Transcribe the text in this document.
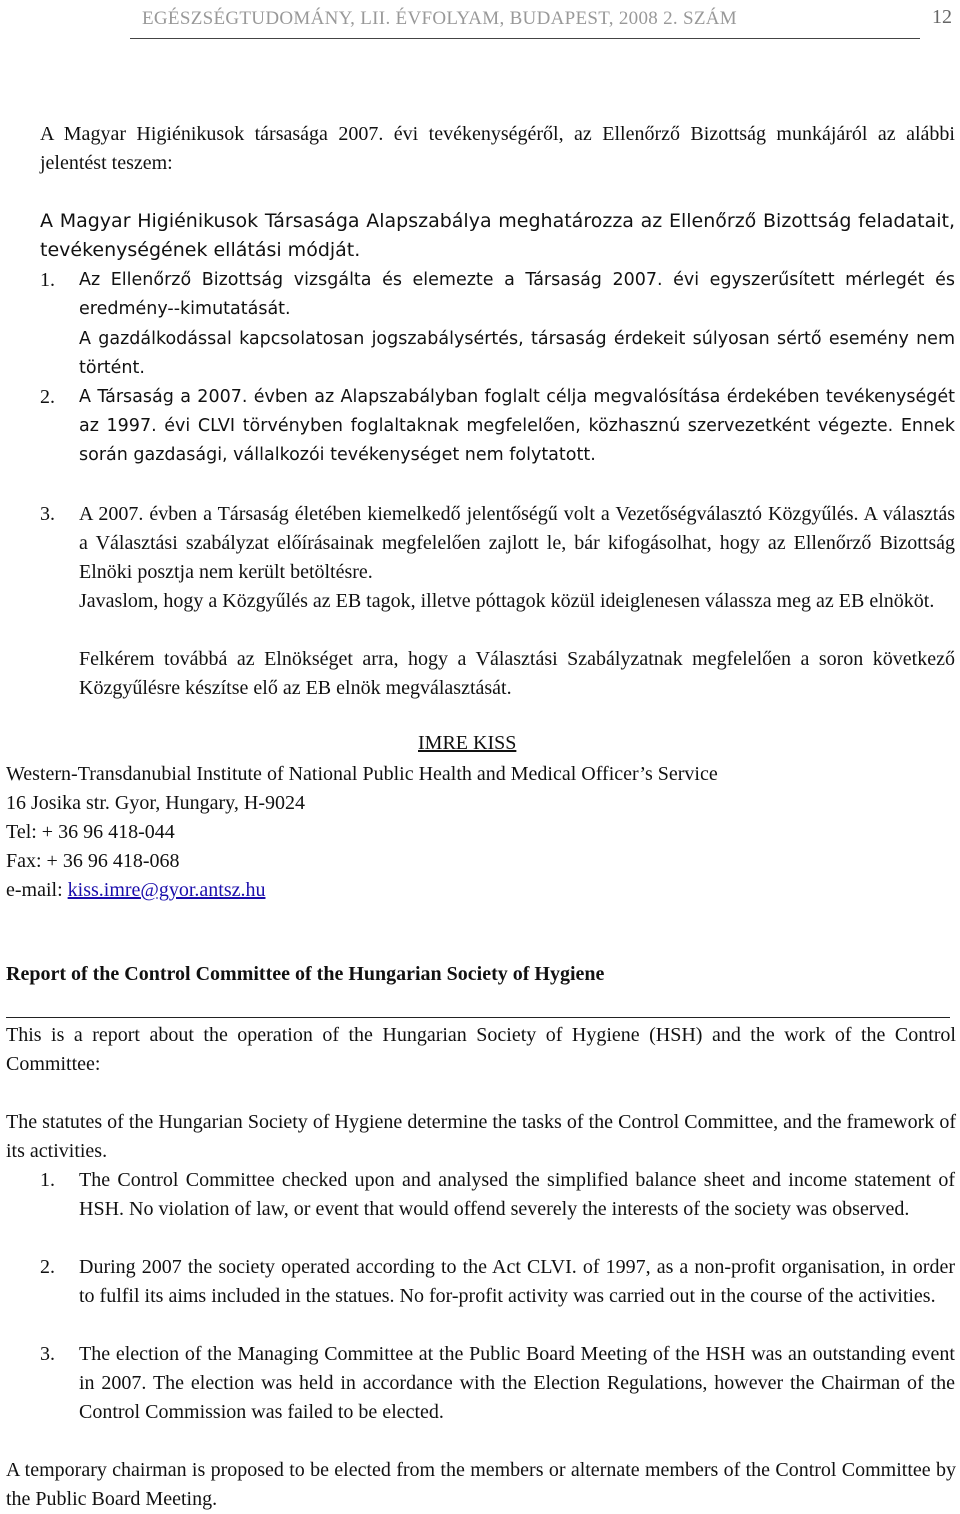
EGÉSZSÉGTUDOMÁNY, LII. ÉVFOLYAM, BUDAPEST, 2008 2. SZÁM	12

A Magyar Higiénikusok társasága 2007. évi tevékenységéről, az Ellenőrző Bizottság munkájáról az alábbi jelentést teszem:

A Magyar Higiénikusok Társasága Alapszabálya meghatározza az Ellenőrző Bizottság feladatait, tevékenységének ellátási módját.

1. Az Ellenőrző Bizottság vizsgálta és elemezte a Társaság 2007. évi egyszerűsített mérlegét és eredmény--kimutatását.

A gazdálkodással kapcsolatosan jogszabálysértés, társaság érdekeit súlyosan sértő esemény nem történt.

2. A Társaság a 2007. évben az Alapszabályban foglalt célja megvalósítása érdekében tevékenységét az 1997. évi CLVI törvényben foglaltaknak megfelelően, közhasznú szervezetként végezte. Ennek során gazdasági, vállalkozói tevékenységet nem folytatott.

3. A 2007. évben a Társaság életében kiemelkedő jelentőségű volt a Vezetőségválasztó Közgyűlés. A választás a Választási szabályzat előírásainak megfelelően zajlott le, bár kifogásolhat, hogy az Ellenőrző Bizottság Elnöki posztja nem került betöltésre.

Javaslom, hogy a Közgyűlés az EB tagok, illetve póttagok közül ideiglenesen válassza meg az EB elnököt.

Felkérem továbbá az Elnökséget arra, hogy a Választási Szabályzatnak megfelelően a soron következő Közgyűlésre készítse elő az EB elnök megválasztását.

IMRE KISS
Western-Transdanubial Institute of National Public Health and Medical Officer’s Service
16 Josika str. Gyor, Hungary, H-9024
Tel: + 36 96 418-044
Fax: + 36 96 418-068
e-mail: kiss.imre@gyor.antsz.hu
Report of the Control Committee of the Hungarian Society of Hygiene

This is a report about the operation of the Hungarian Society of Hygiene (HSH) and the work of the Control Committee:

The statutes of the Hungarian Society of Hygiene determine the tasks of the Control Committee, and the framework of its activities.

1. The Control Committee checked upon and analysed the simplified balance sheet and income statement of HSH. No violation of law, or event that would offend severely the interests of the society was observed.

2. During 2007 the society operated according to the Act CLVI. of 1997, as a non-profit organisation, in order to fulfil its aims included in the statues. No for-profit activity was carried out in the course of the activities.

3. The election of the Managing Committee at the Public Board Meeting of the HSH was an outstanding event in 2007. The election was held in accordance with the Election Regulations, however the Chairman of the Control Commission was failed to be elected.

A temporary chairman is proposed to be elected from the members or alternate members of the Control Committee by the Public Board Meeting.
